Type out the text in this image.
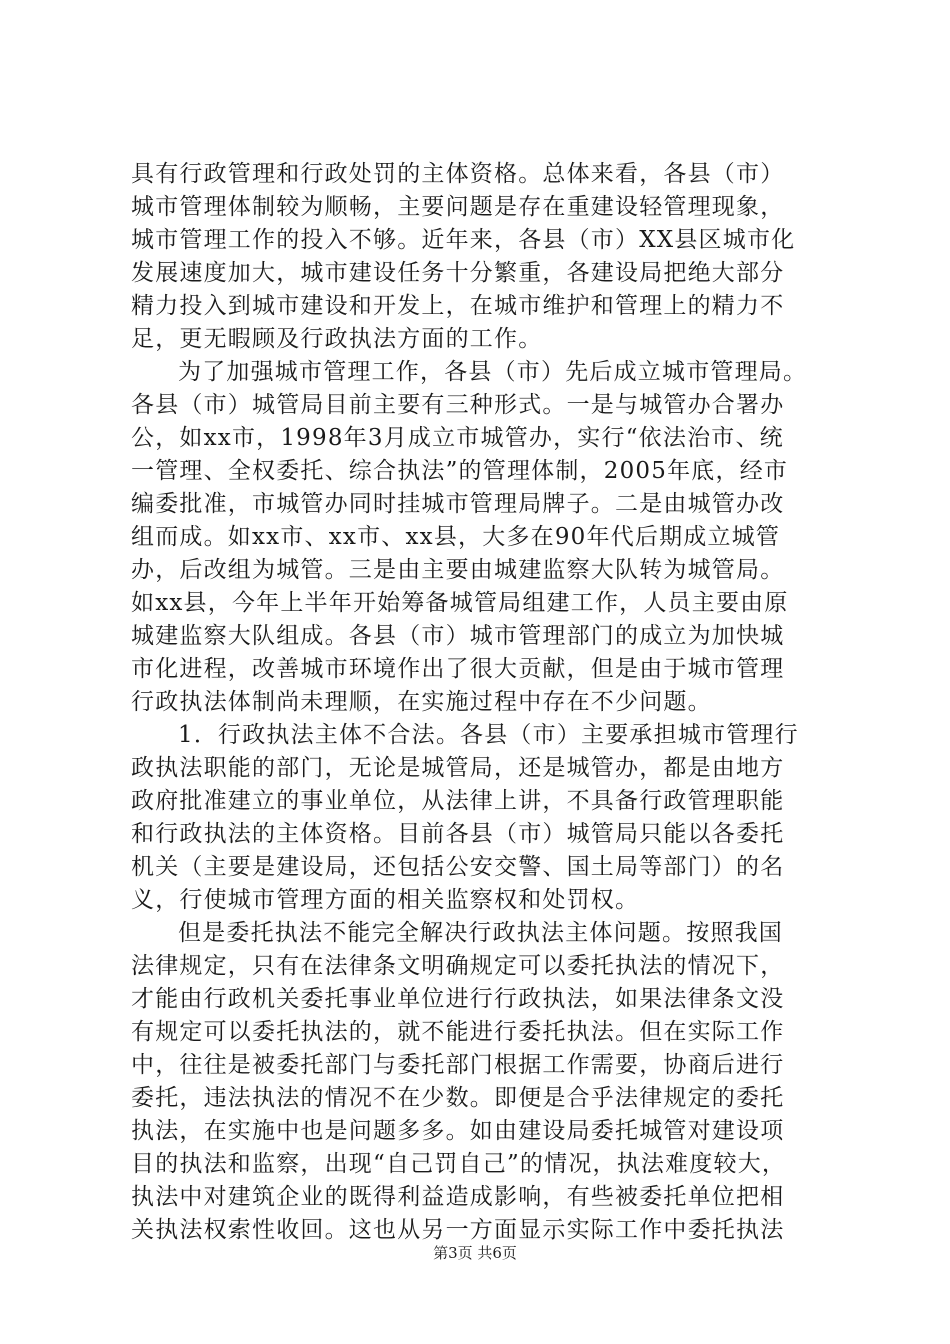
具有行政管理和行政处罚的主体资格。总体来看，各县（市）
城市管理体制较为顺畅，主要问题是存在重建设轻管理现象，
城市管理工作的投入不够。近年来，各县（市）XX县区城市化
发展速度加大，城市建设任务十分繁重，各建设局把绝大部分
精力投入到城市建设和开发上，在城市维护和管理上的精力不
足，更无暇顾及行政执法方面的工作。
为了加强城市管理工作，各县（市）先后成立城市管理局。
各县（市）城管局目前主要有三种形式。一是与城管办合署办
公，如xx市，1998年3月成立市城管办，实行“依法治市、统
一管理、全权委托、综合执法”的管理体制，2005年底，经市
编委批准，市城管办同时挂城市管理局牌子。二是由城管办改
组而成。如xx市、xx市、xx县，大多在90年代后期成立城管
办，后改组为城管。三是由主要由城建监察大队转为城管局。
如xx县，今年上半年开始筹备城管局组建工作，人员主要由原
城建监察大队组成。各县（市）城市管理部门的成立为加快城
市化进程，改善城市环境作出了很大贡献，但是由于城市管理
行政执法体制尚未理顺，在实施过程中存在不少问题。
1．行政执法主体不合法。各县（市）主要承担城市管理行
政执法职能的部门，无论是城管局，还是城管办，都是由地方
政府批准建立的事业单位，从法律上讲，不具备行政管理职能
和行政执法的主体资格。目前各县（市）城管局只能以各委托
机关（主要是建设局，还包括公安交警、国土局等部门）的名
义，行使城市管理方面的相关监察权和处罚权。
但是委托执法不能完全解决行政执法主体问题。按照我国
法律规定，只有在法律条文明确规定可以委托执法的情况下，
才能由行政机关委托事业单位进行行政执法，如果法律条文没
有规定可以委托执法的，就不能进行委托执法。但在实际工作
中，往往是被委托部门与委托部门根据工作需要，协商后进行
委托，违法执法的情况不在少数。即便是合乎法律规定的委托
执法，在实施中也是问题多多。如由建设局委托城管对建设项
目的执法和监察，出现“自己罚自己”的情况，执法难度较大，
执法中对建筑企业的既得利益造成影响，有些被委托单位把相
关执法权索性收回。这也从另一方面显示实际工作中委托执法
第3页 共6页
